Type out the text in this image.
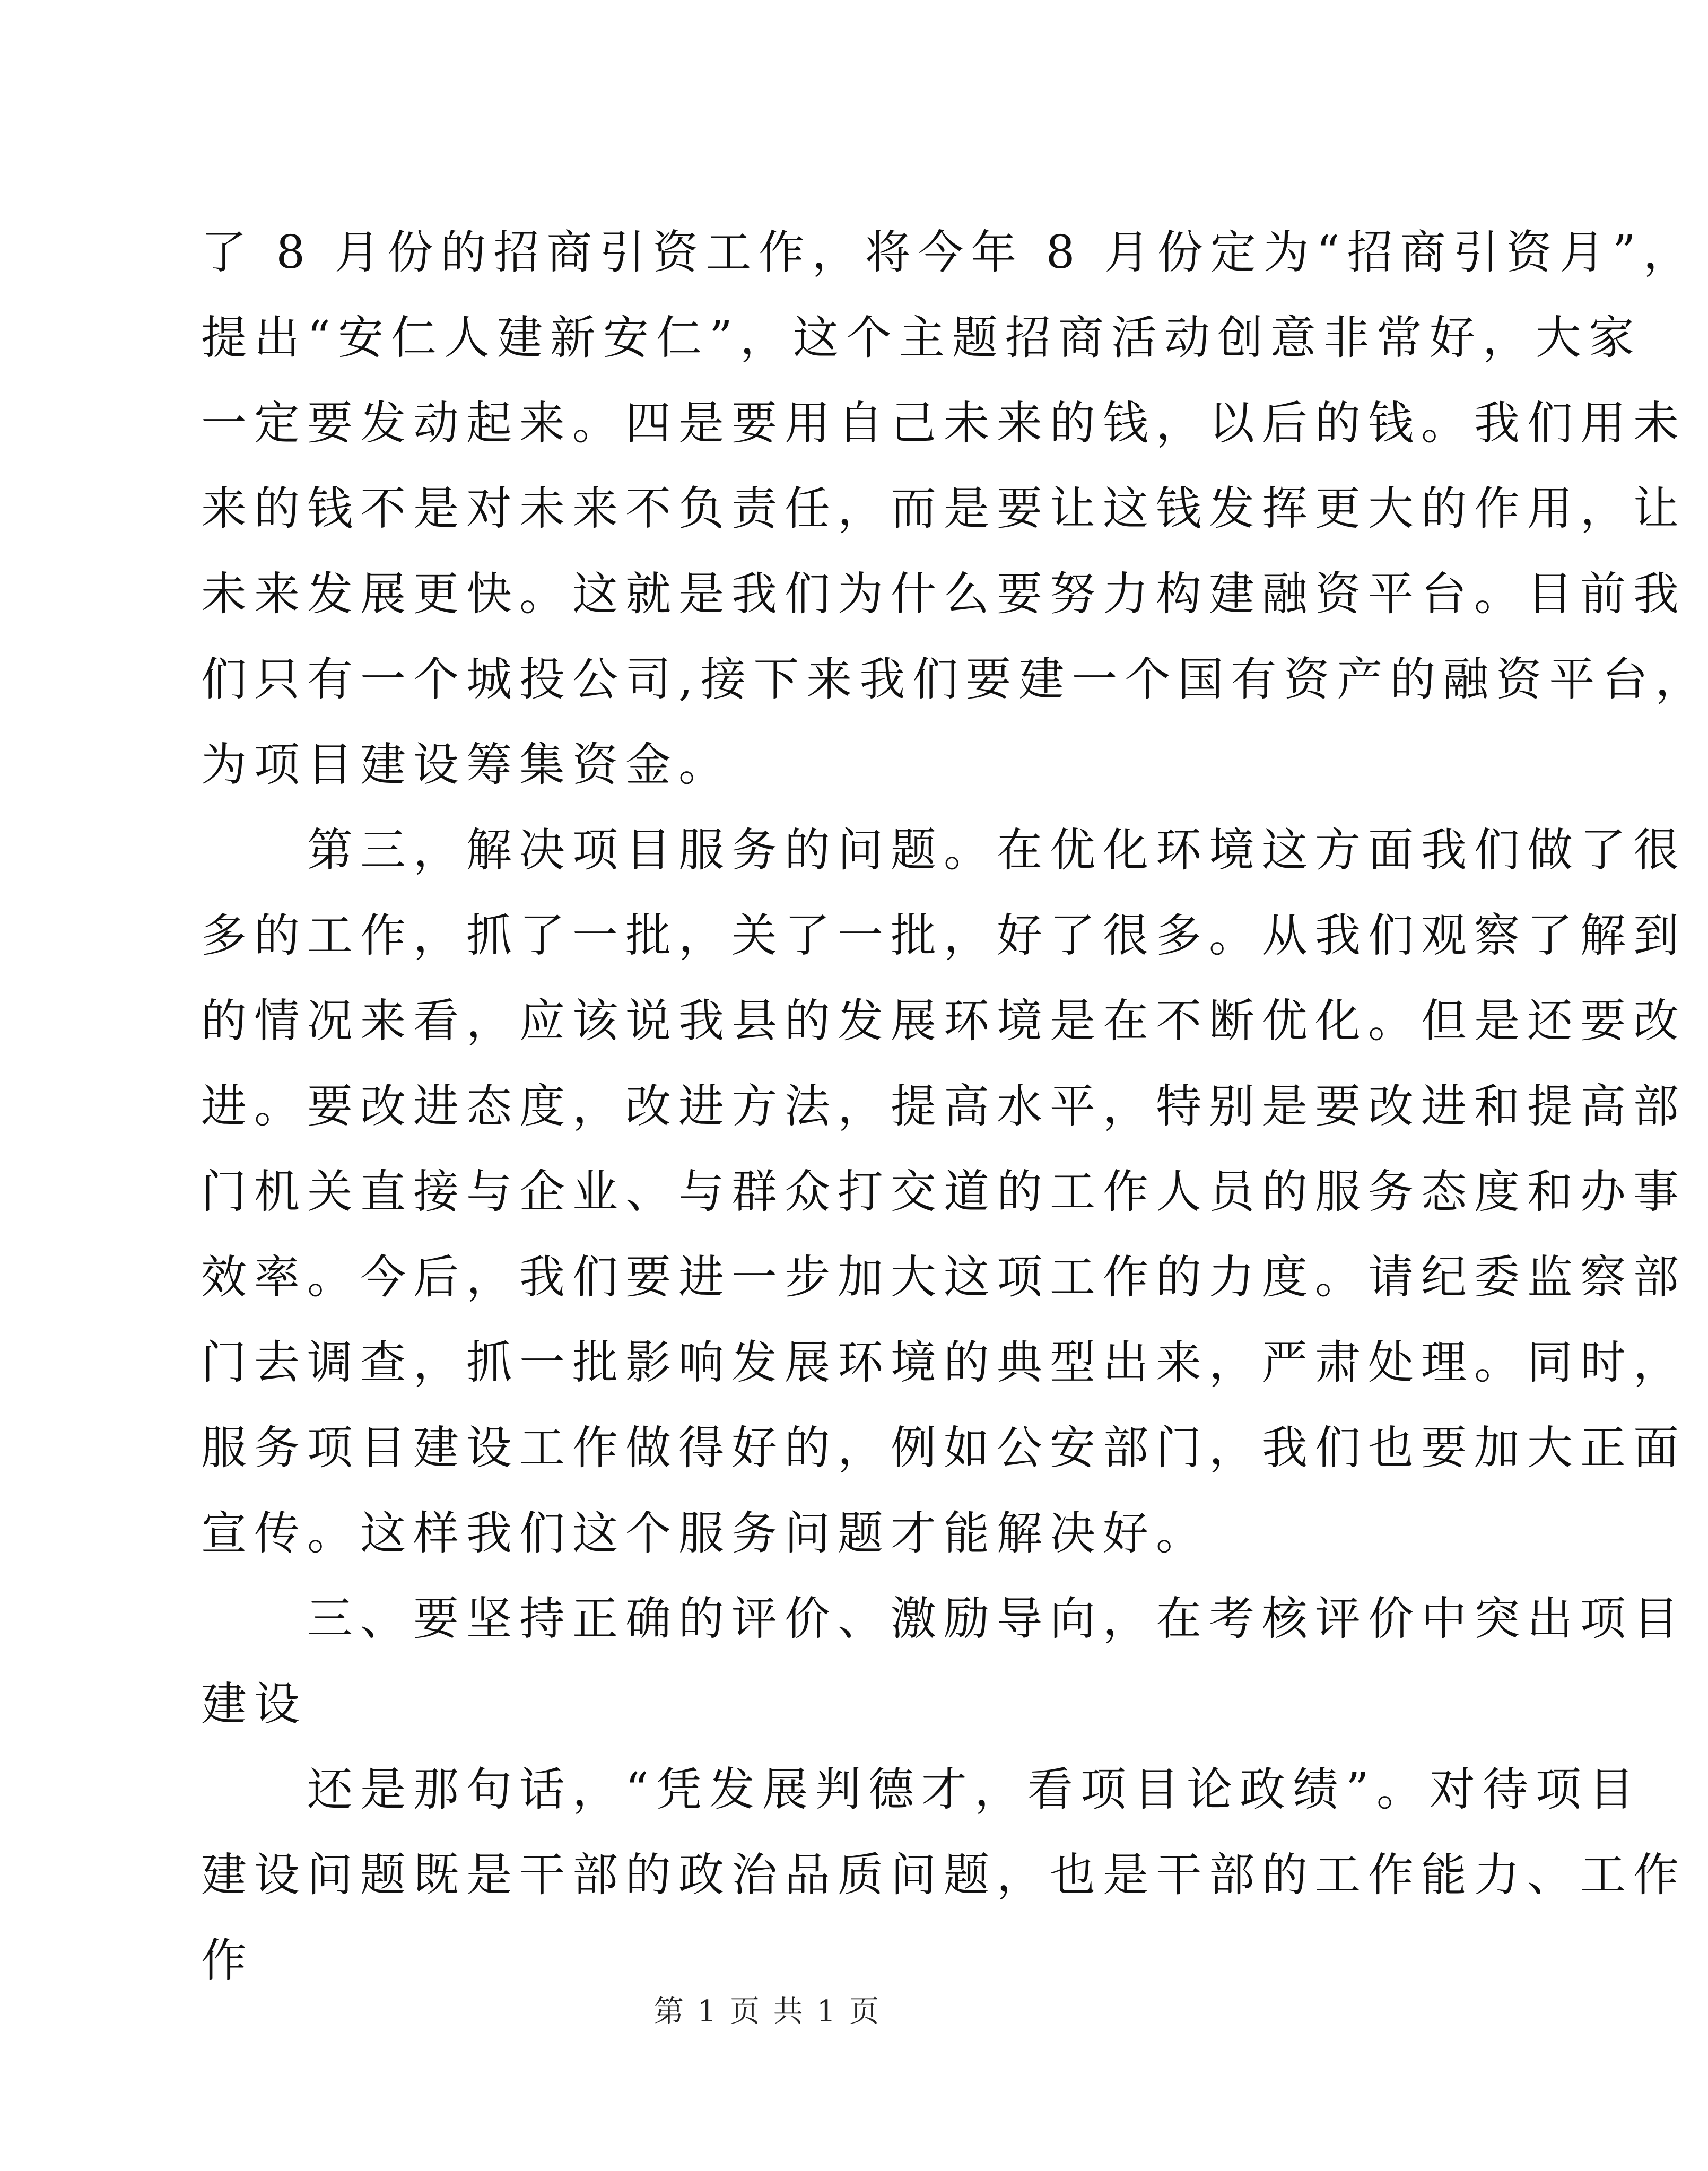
了 8 月份的招商引资工作，将今年 8 月份定为“招商引资月”，
提出“安仁人建新安仁”，这个主题招商活动创意非常好，大家
一定要发动起来。四是要用自己未来的钱，以后的钱。我们用未
来的钱不是对未来不负责任，而是要让这钱发挥更大的作用，让
未来发展更快。这就是我们为什么要努力构建融资平台。目前我
们只有一个城投公司,接下来我们要建一个国有资产的融资平台，
为项目建设筹集资金。
　　第三，解决项目服务的问题。在优化环境这方面我们做了很
多的工作，抓了一批，关了一批，好了很多。从我们观察了解到
的情况来看，应该说我县的发展环境是在不断优化。但是还要改
进。要改进态度，改进方法，提高水平，特别是要改进和提高部
门机关直接与企业、与群众打交道的工作人员的服务态度和办事
效率。今后，我们要进一步加大这项工作的力度。请纪委监察部
门去调查，抓一批影响发展环境的典型出来，严肃处理。同时，
服务项目建设工作做得好的，例如公安部门，我们也要加大正面
宣传。这样我们这个服务问题才能解决好。
　　三、要坚持正确的评价、激励导向，在考核评价中突出项目
建设
　　还是那句话，“凭发展判德才，看项目论政绩”。对待项目
建设问题既是干部的政治品质问题，也是干部的工作能力、工作
作
第 1 页 共 1 页
